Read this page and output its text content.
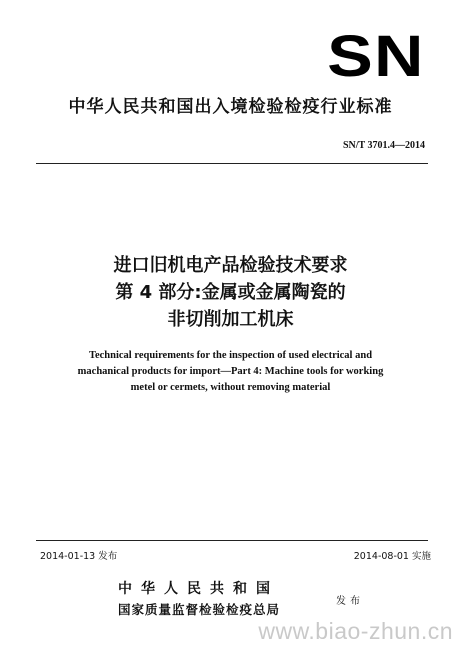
SN
中华人民共和国出入境检验检疫行业标准
SN/T 3701.4—2014
进口旧机电产品检验技术要求
第 4 部分:金属或金属陶瓷的
非切削加工机床
Technical requirements for the inspection of used electrical and
machanical products for import—Part 4: Machine tools for working
metel or cermets, without removing material
2014-01-13 发布	2014-08-01 实施
中华人民共和国
国家质量监督检验检疫总局
发布
www.biao-zhun.cn
